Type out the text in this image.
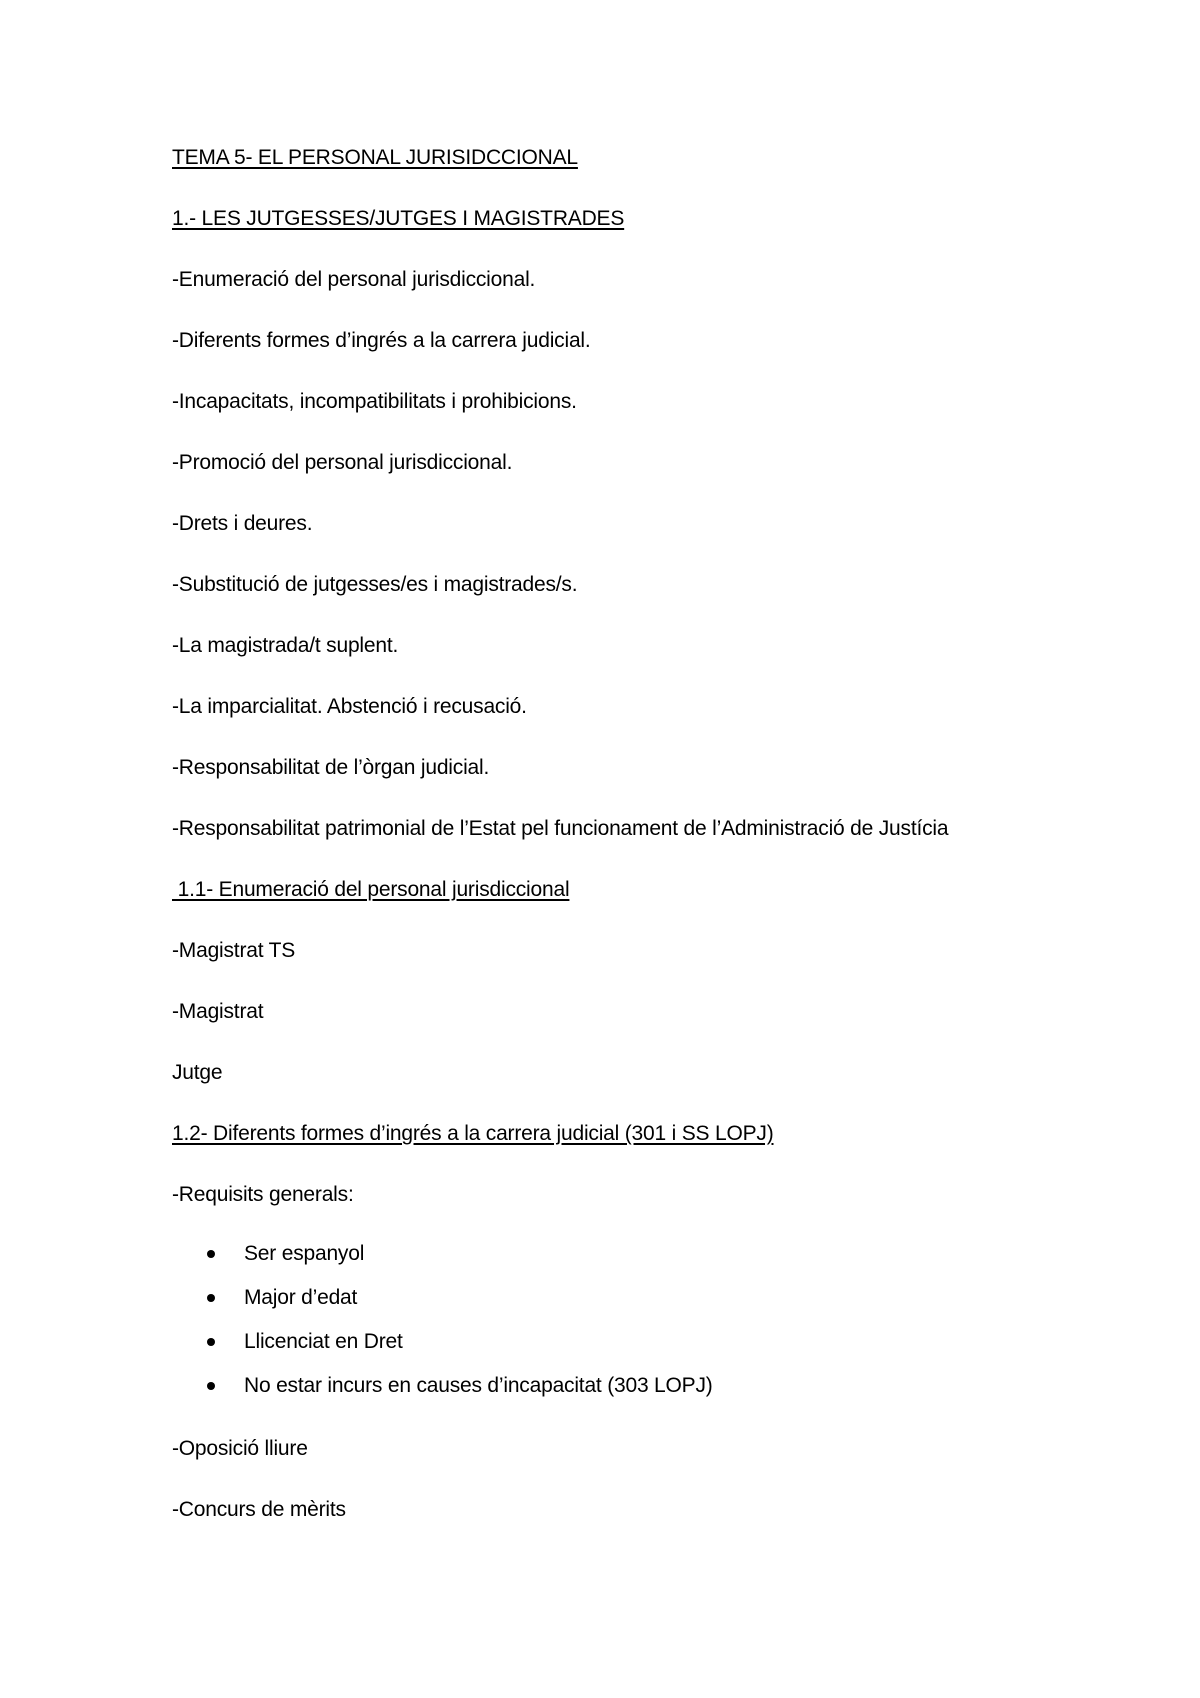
TEMA 5- EL PERSONAL JURISIDCCIONAL
1.- LES JUTGESSES/JUTGES I MAGISTRADES
-Enumeració del personal jurisdiccional.
-Diferents formes d’ingrés a la carrera judicial.
-Incapacitats, incompatibilitats i prohibicions.
-Promoció del personal jurisdiccional.
-Drets i deures.
-Substitució de jutgesses/es i magistrades/s.
-La magistrada/t suplent.
-La imparcialitat. Abstenció i recusació.
-Responsabilitat de l’òrgan judicial.
-Responsabilitat patrimonial de l’Estat pel funcionament de l’Administració de Justícia
1.1- Enumeració del personal jurisdiccional
-Magistrat TS
-Magistrat
Jutge
1.2- Diferents formes d’ingrés a la carrera judicial (301 i SS LOPJ)
-Requisits generals:
Ser espanyol
Major d’edat
Llicenciat en Dret
No estar incurs en causes d’incapacitat (303 LOPJ)
-Oposició lliure
-Concurs de mèrits
